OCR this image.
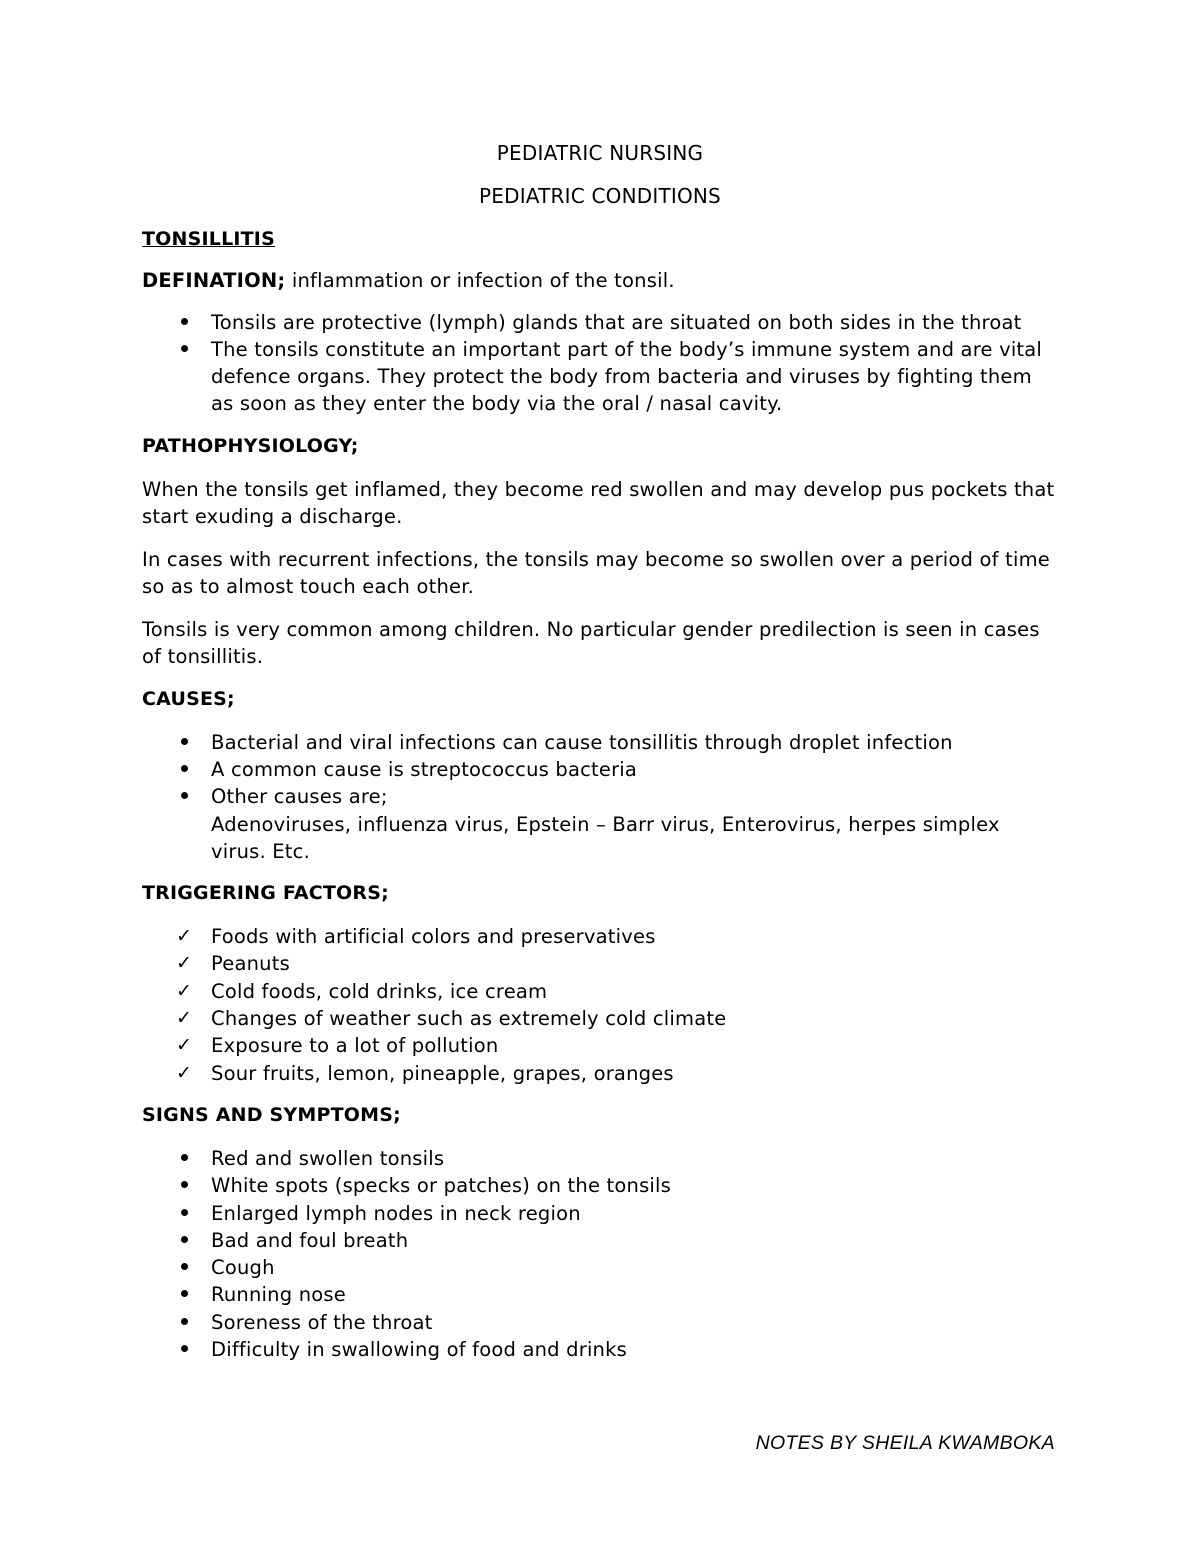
PEDIATRIC NURSING
PEDIATRIC CONDITIONS
TONSILLITIS

DEFINATION; inflammation or infection of the tonsil.

Tonsils are protective (lymph) glands that are situated on both sides in the throat
The tonsils constitute an important part of the body’s immune system and are vital defence organs. They protect the body from bacteria and viruses by fighting them as soon as they enter the body via the oral / nasal cavity.
PATHOPHYSIOLOGY;

When the tonsils get inflamed, they become red swollen and may develop pus pockets that start exuding a discharge.

In cases with recurrent infections, the tonsils may become so swollen over a period of time so as to almost touch each other.

Tonsils is very common among children. No particular gender predilection is seen in cases of tonsillitis.

CAUSES;
Bacterial and viral infections can cause tonsillitis through droplet infection
A common cause is streptococcus bacteria
Other causes are;
Adenoviruses, influenza virus, Epstein – Barr virus, Enterovirus, herpes simplex virus. Etc.
TRIGGERING FACTORS;
✓ Foods with artificial colors and preservatives
✓ Peanuts
✓ Cold foods, cold drinks, ice cream
✓ Changes of weather such as extremely cold climate
✓ Exposure to a lot of pollution
✓ Sour fruits, lemon, pineapple, grapes, oranges
SIGNS AND SYMPTOMS;
Red and swollen tonsils
White spots (specks or patches) on the tonsils
Enlarged lymph nodes in neck region
Bad and foul breath
Cough
Running nose
Soreness of the throat
Difficulty in swallowing of food and drinks
NOTES BY SHEILA KWAMBOKA
